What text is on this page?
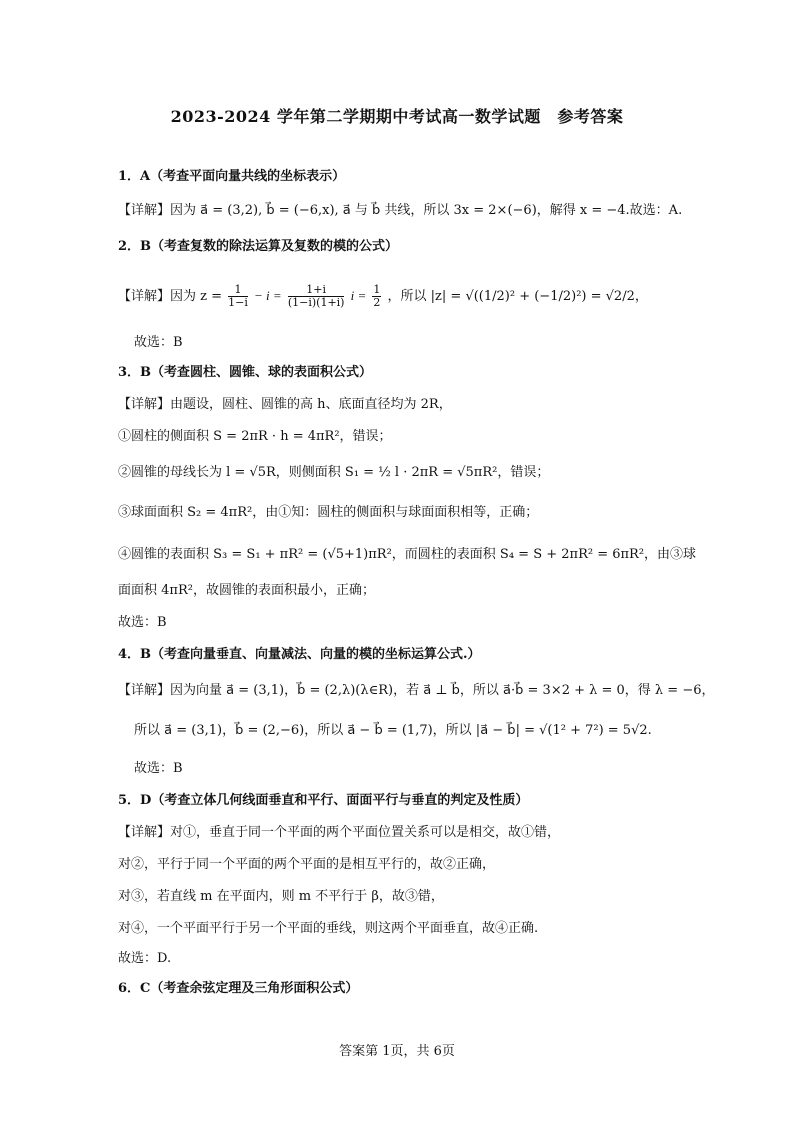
2023-2024 学年第二学期期中考试高一数学试题　参考答案
1．A（考查平面向量共线的坐标表示）
【详解】因为 a⃗ = (3,2), b⃗ = (−6,x), a⃗ 与 b⃗ 共线，所以 3x = 2×(−6)，解得 x = −4.故选：A.
2．B（考查复数的除法运算及复数的模的公式）
【详解】因为 $z = \frac{1}{1-i} - i = \frac{1+i}{(1-i)(1+i)}$ $i = \frac{1}{2}$ ，所以 |z| = √((1/2)² + (−1/2)²) = √2/2，
故选：B
3．B（考查圆柱、圆锥、球的表面积公式）
【详解】由题设，圆柱、圆锥的高 h、底面直径均为 2R，
①圆柱的侧面积 S = 2πR · h = 4πR²，错误；
②圆锥的母线长为 l = √5R，则侧面积 S₁ = ½ l · 2πR = √5πR²，错误；
③球面面积 S₂ = 4πR²，由①知：圆柱的侧面积与球面面积相等，正确；
④圆锥的表面积 S₃ = S₁ + πR² = (√5+1)πR²，而圆柱的表面积 S₄ = S + 2πR² = 6πR²，由③球
面面积 4πR²，故圆锥的表面积最小，正确；
故选：B
4．B（考查向量垂直、向量减法、向量的模的坐标运算公式.）
【详解】因为向量 a⃗ = (3,1)，b⃗ = (2,λ)(λ∈R)，若 a⃗ ⊥ b⃗，所以 a⃗·b⃗ = 3×2 + λ = 0，得 λ = −6，
所以 a⃗ = (3,1)，b⃗ = (2,−6)，所以 a⃗ − b⃗ = (1,7)，所以 |a⃗ − b⃗| = √(1² + 7²) = 5√2.
故选：B
5．D（考查立体几何线面垂直和平行、面面平行与垂直的判定及性质）
【详解】对①，垂直于同一个平面的两个平面位置关系可以是相交，故①错，
对②，平行于同一个平面的两个平面的是相互平行的，故②正确，
对③，若直线 m 在平面内，则 m 不平行于 β，故③错，
对④，一个平面平行于另一个平面的垂线，则这两个平面垂直，故④正确.
故选：D.
6．C（考查余弦定理及三角形面积公式）
答案第 1页，共 6页
